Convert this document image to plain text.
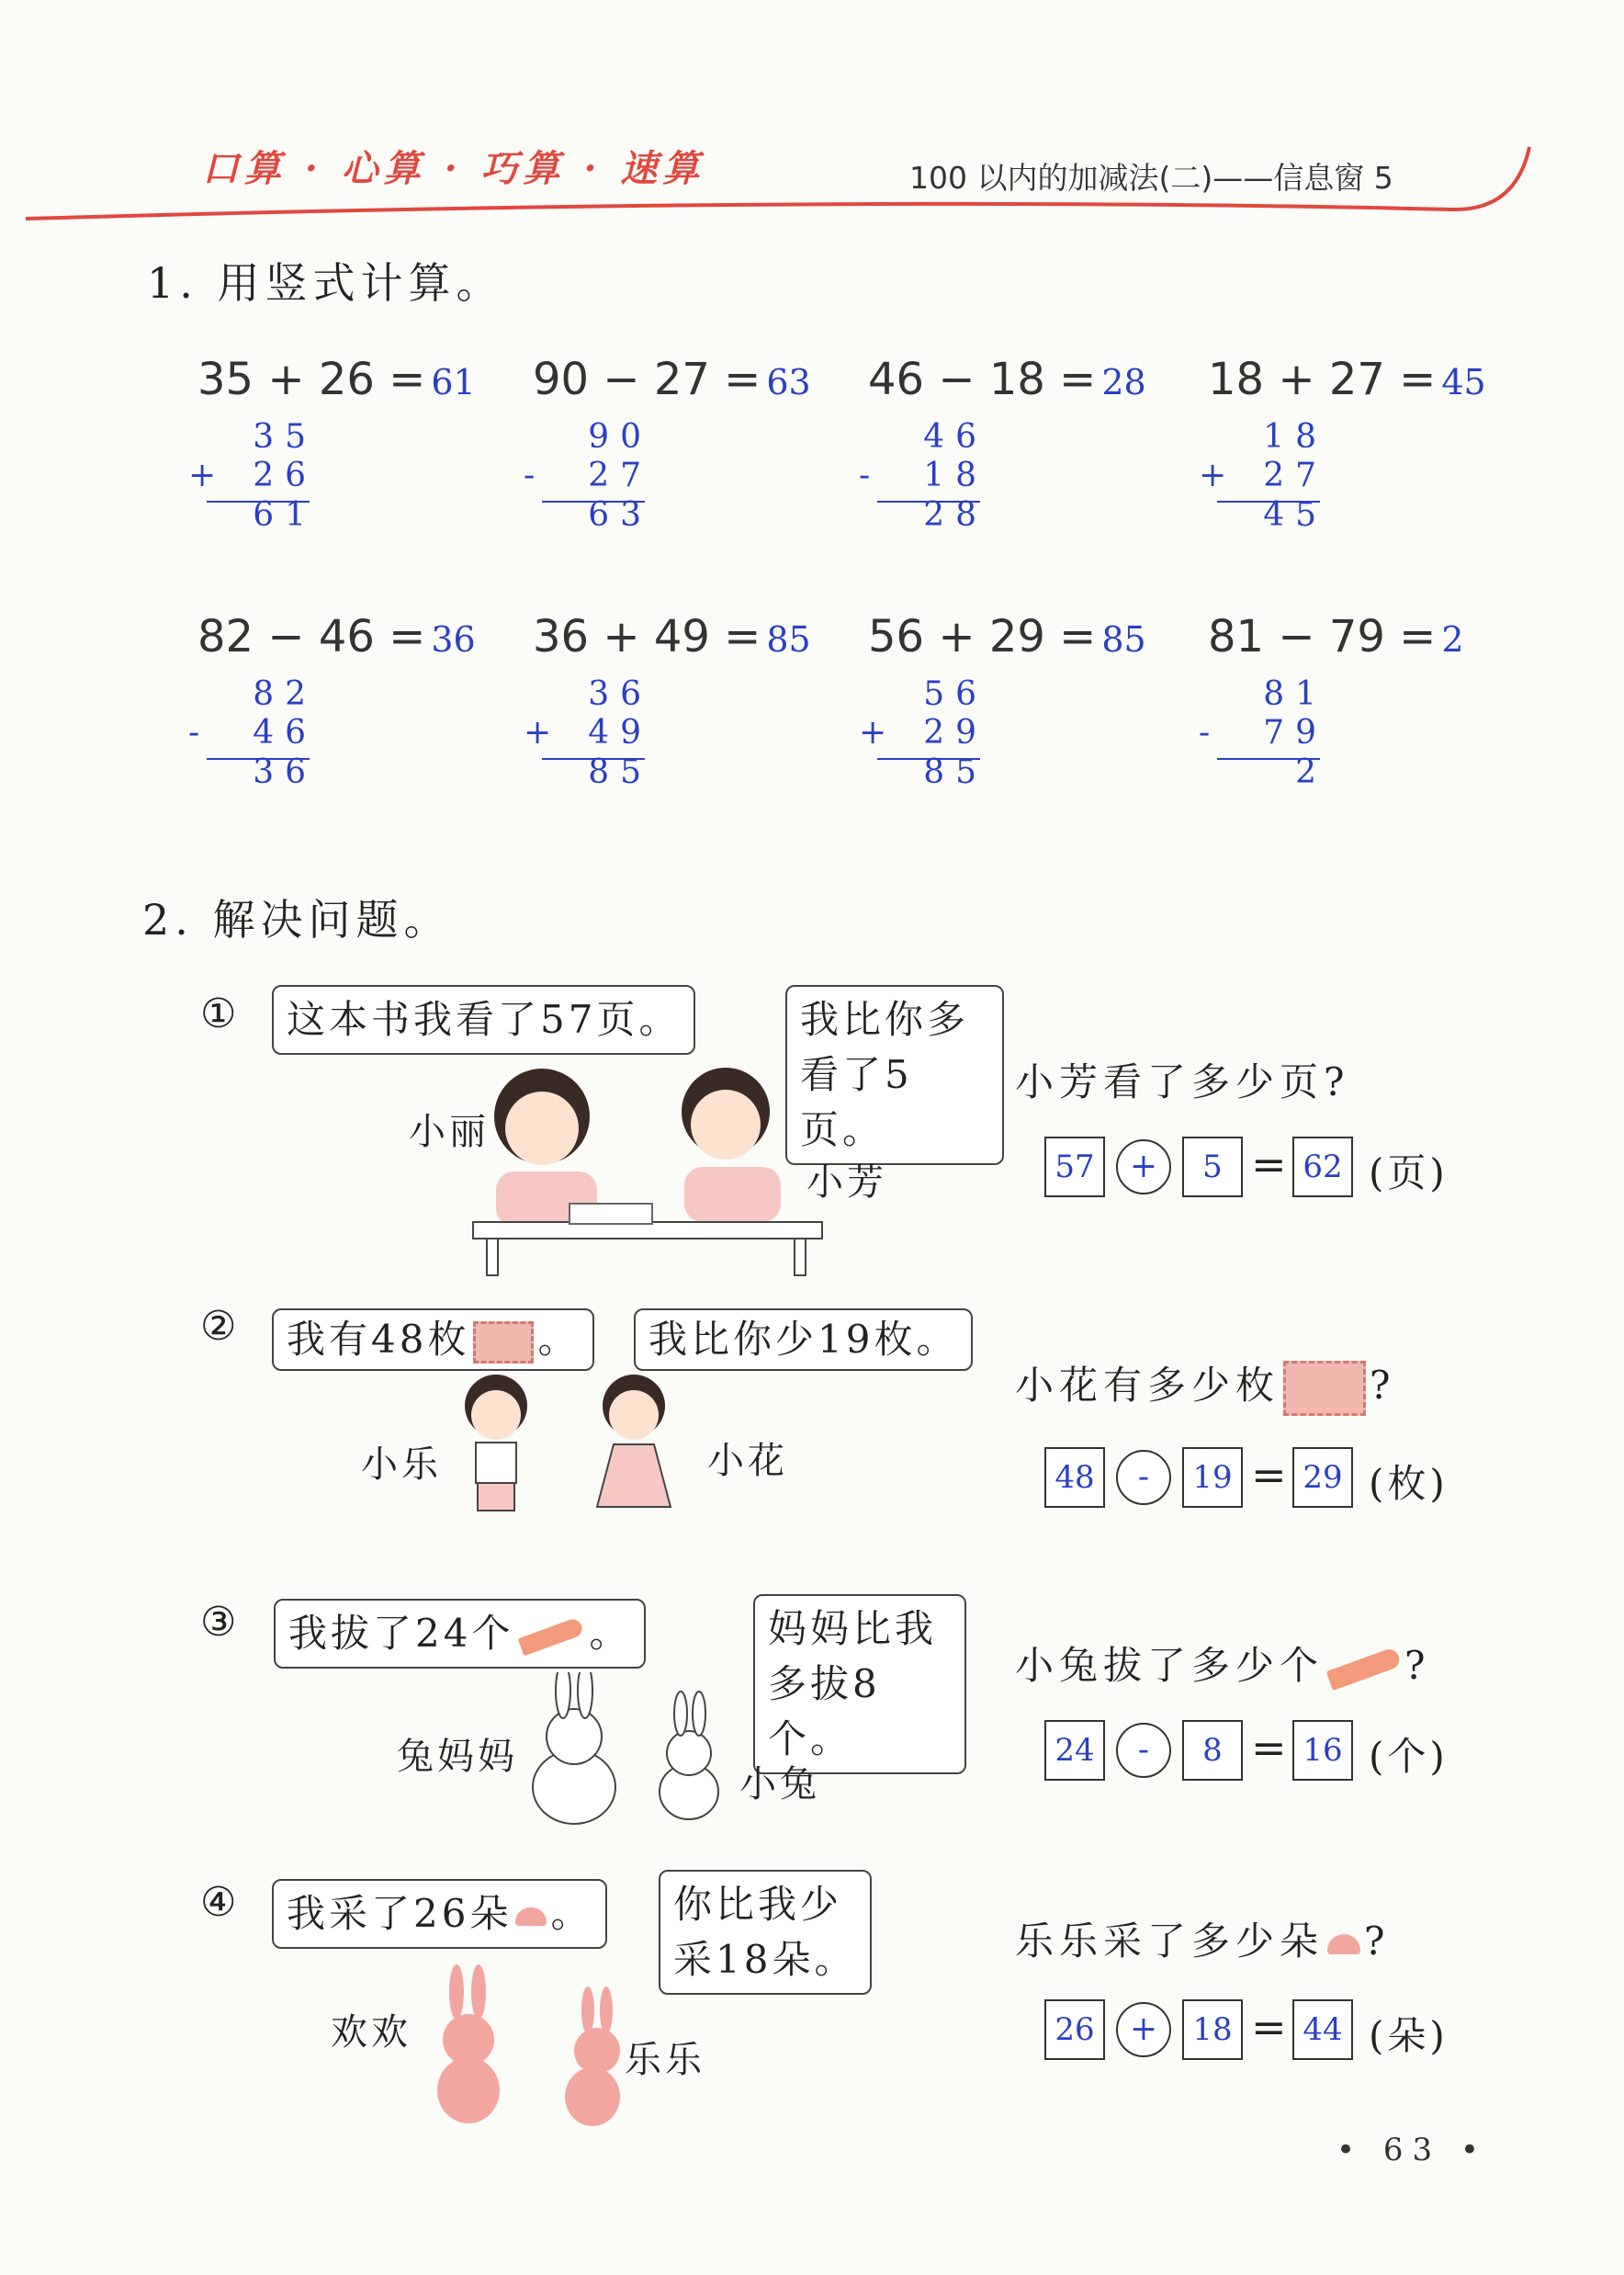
口算 · 心算 · 巧算 · 速算	100 以内的加减法(二)——信息窗 5
1. 用竖式计算。
35 + 26 = 61
35
+ 26
61
90 − 27 = 63
90
-	27
63
46 − 18 = 28
46
-	18
28
18 + 27 = 45
18
+ 27
45
82 − 46 = 36
82
-	46
36
36 + 49 = 85
36
+ 49
85
56 + 29 = 85
56
+ 29
85
81 − 79 = 2
81
-	79
2
2. 解决问题。
①	这本书我看了57页。	我比你多
看了5页。
小丽
小芳
小芳看了多少页?
57	+	5 = 62 (页)
②	我有48枚 。	我比你少19枚。
小乐	小花
小花有多少枚 ?
48	-	19 = 29 (枚)
③	我拔了24个 。	妈妈比我
多拔8个。
兔妈妈
小兔
小兔拔了多少个 ?
24	-	8 = 16 (个)
④	我采了26朵 。	你比我少
采18朵。
欢欢
乐乐
乐乐采了多少朵 ?
26	+	18 = 44 (朵)
• 63 •
